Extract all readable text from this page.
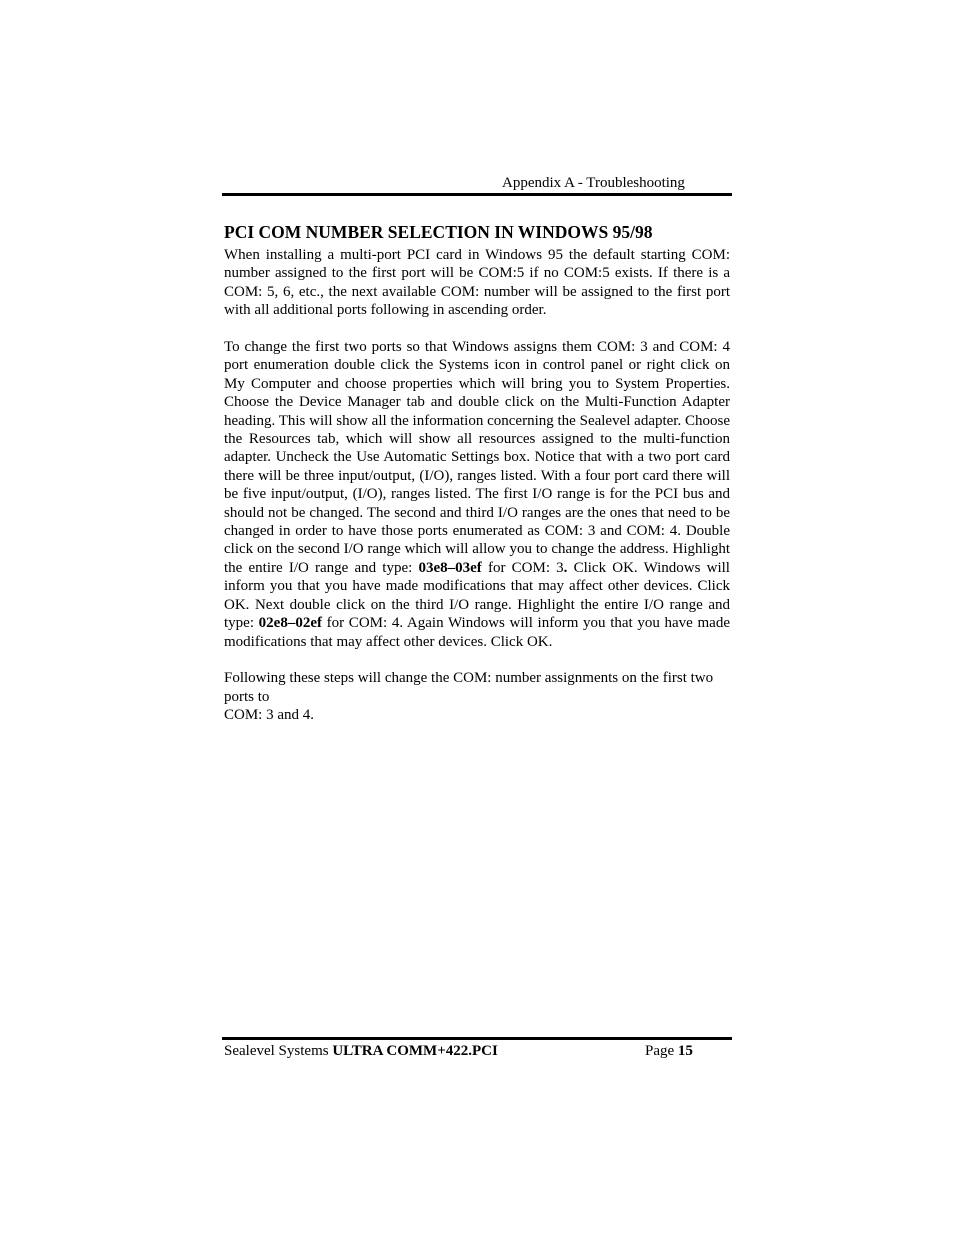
Appendix A - Troubleshooting
PCI COM NUMBER SELECTION IN WINDOWS 95/98

When installing a multi-port PCI card in Windows 95 the default starting COM: number assigned to the first port will be COM:5 if no COM:5 exists. If there is a COM: 5, 6, etc., the next available COM: number will be assigned to the first port with all additional ports following in ascending order.

To change the first two ports so that Windows assigns them COM: 3 and COM: 4 port enumeration double click the Systems icon in control panel or right click on My Computer and choose properties which will bring you to System Properties. Choose the Device Manager tab and double click on the Multi-Function Adapter heading. This will show all the information concerning the Sealevel adapter. Choose the Resources tab, which will show all resources assigned to the multi-function adapter. Uncheck the Use Automatic Settings box. Notice that with a two port card there will be three input/output, (I/O), ranges listed. With a four port card there will be five input/output, (I/O), ranges listed. The first I/O range is for the PCI bus and should not be changed. The second and third I/O ranges are the ones that need to be changed in order to have those ports enumerated as COM: 3 and COM: 4. Double click on the second I/O range which will allow you to change the address. Highlight the entire I/O range and type: 03e8–03ef for COM: 3. Click OK. Windows will inform you that you have made modifications that may affect other devices. Click OK. Next double click on the third I/O range. Highlight the entire I/O range and type: 02e8–02ef for COM: 4. Again Windows will inform you that you have made modifications that may affect other devices. Click OK.

Following these steps will change the COM: number assignments on the first two ports to
COM: 3 and 4.

Sealevel Systems ULTRA COMM+422.PCI	Page 15
